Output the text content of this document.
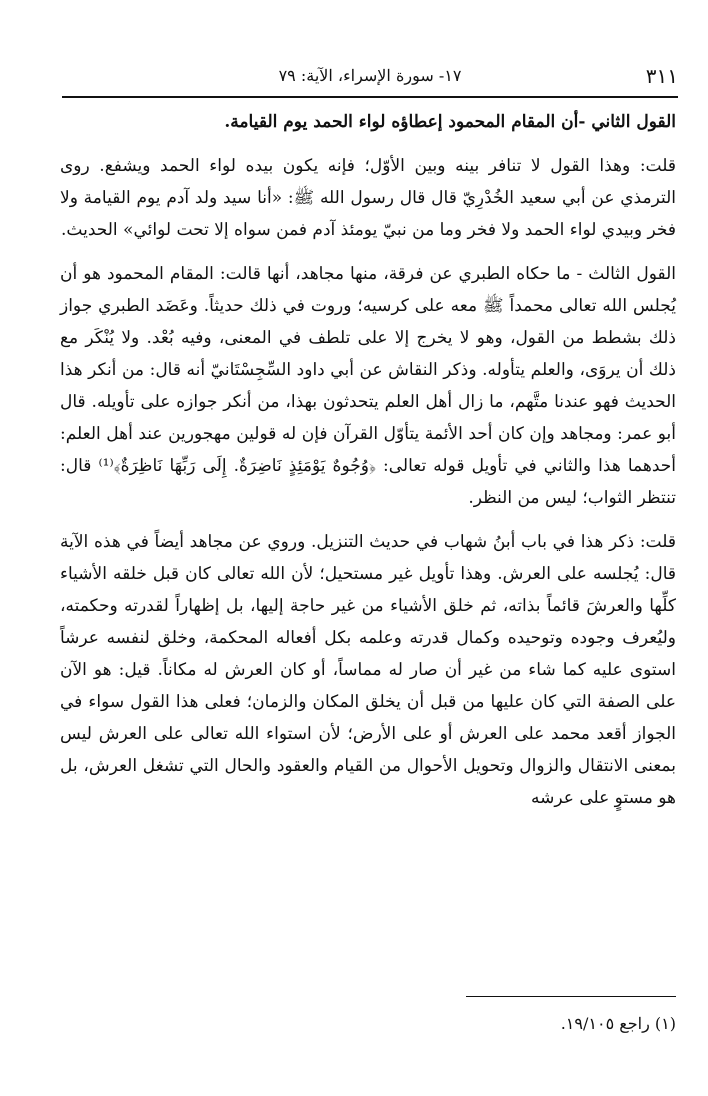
٣١١
١٧- سورة الإسراء، الآية: ٧٩

القول الثاني -أن المقام المحمود إعطاؤه لواء الحمد يوم القيامة.

قلت: وهذا القول لا تنافر بينه وبين الأوّل؛ فإنه يكون بيده لواء الحمد ويشفع. روى الترمذي عن أبي سعيد الخُدْرِيّ قال قال رسول الله ﷺ: «أنا سيد ولد آدم يوم القيامة ولا فخر وبيدي لواء الحمد ولا فخر وما من نبيّ يومئذ آدم فمن سواه إلا تحت لوائي» الحديث.

القول الثالث - ما حكاه الطبري عن فرقة، منها مجاهد، أنها قالت: المقام المحمود هو أن يُجلس الله تعالى محمداً ﷺ معه على كرسيه؛ وروت في ذلك حديثاً. وعَضَد الطبري جواز ذلك بشطط من القول، وهو لا يخرج إلا على تلطف في المعنى، وفيه بُعْد. ولا يُنْكَر مع ذلك أن يروَى، والعلم يتأوله. وذكر النقاش عن أبي داود السِّجِسْتَانيّ أنه قال: من أنكر هذا الحديث فهو عندنا متَّهم، ما زال أهل العلم يتحدثون بهذا، من أنكر جوازه على تأويله. قال أبو عمر: ومجاهد وإن كان أحد الأئمة يتأوّل القرآن فإن له قولين مهجورين عند أهل العلم: أحدهما هذا والثاني في تأويل قوله تعالى: ﴿وُجُوهٌ يَوْمَئِذٍ نَاضِرَةٌ. إِلَى رَبِّهَا نَاظِرَةٌ﴾⁽¹⁾ قال: تنتظر الثواب؛ ليس من النظر.

قلت: ذكر هذا في باب أبنُ شهاب في حديث التنزيل. وروي عن مجاهد أيضاً في هذه الآية قال: يُجلسه على العرش. وهذا تأويل غير مستحيل؛ لأن الله تعالى كان قبل خلقه الأشياء كلِّها والعرشَ قائماً بذاته، ثم خلق الأشياء من غير حاجة إليها، بل إظهاراً لقدرته وحكمته، وليُعرف وجوده وتوحيده وكمال قدرته وعلمه بكل أفعاله المحكمة، وخلق لنفسه عرشاً استوى عليه كما شاء من غير أن صار له مماساً، أو كان العرش له مكاناً. قيل: هو الآن على الصفة التي كان عليها من قبل أن يخلق المكان والزمان؛ فعلى هذا القول سواء في الجواز أقعد محمد على العرش أو على الأرض؛ لأن استواء الله تعالى على العرش ليس بمعنى الانتقال والزوال وتحويل الأحوال من القيام والعقود والحال التي تشغل العرش، بل هو مستوٍ على عرشه

(١) راجع ١٩/١٠٥.
